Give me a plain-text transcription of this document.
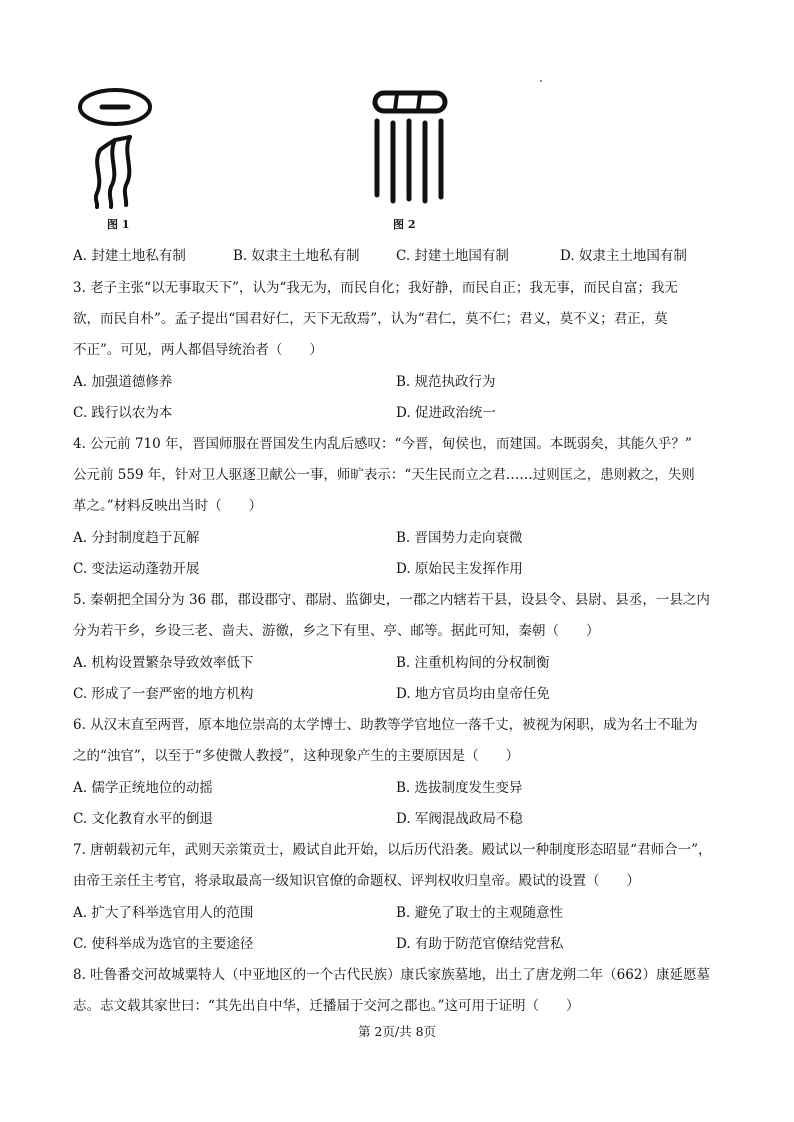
图 1	图 2
A. 封建土地私有制	B. 奴隶主土地私有制	C. 封建土地国有制	D. 奴隶主土地国有制
3. 老子主张“以无事取天下”，认为“我无为，而民自化；我好静，而民自正；我无事，而民自富；我无
欲，而民自朴”。孟子提出“国君好仁，天下无敌焉”，认为“君仁，莫不仁；君义，莫不义；君正，莫
不正”。可见，两人都倡导统治者（　　）
A. 加强道德修养	B. 规范执政行为
C. 践行以农为本	D. 促进政治统一
4. 公元前 710 年，晋国师服在晋国发生内乱后感叹：“今晋，甸侯也，而建国。本既弱矣，其能久乎？”
公元前 559 年，针对卫人驱逐卫献公一事，师旷表示：“天生民而立之君……过则匡之，患则救之，失则
革之。”材料反映出当时（　　）
A. 分封制度趋于瓦解	B. 晋国势力走向衰微
C. 变法运动蓬勃开展	D. 原始民主发挥作用
5. 秦朝把全国分为 36 郡，郡设郡守、郡尉、监御史，一郡之内辖若干县，设县令、县尉、县丞，一县之内
分为若干乡，乡设三老、啬夫、游徼，乡之下有里、亭、邮等。据此可知，秦朝（　　）
A. 机构设置繁杂导致效率低下	B. 注重机构间的分权制衡
C. 形成了一套严密的地方机构	D. 地方官员均由皇帝任免
6. 从汉末直至两晋，原本地位崇高的太学博士、助教等学官地位一落千丈，被视为闲职，成为名士不耻为
之的“浊官”，以至于“多使微人教授”，这种现象产生的主要原因是（　　）
A. 儒学正统地位的动摇	B. 选拔制度发生变异
C. 文化教育水平的倒退	D. 军阀混战政局不稳
7. 唐朝载初元年，武则天亲策贡士，殿试自此开始，以后历代沿袭。殿试以一种制度形态昭显“君师合一”，
由帝王亲任主考官，将录取最高一级知识官僚的命题权、评判权收归皇帝。殿试的设置（　　）
A. 扩大了科举选官用人的范围	B. 避免了取士的主观随意性
C. 使科举成为选官的主要途径	D. 有助于防范官僚结党营私
8. 吐鲁番交河故城粟特人（中亚地区的一个古代民族）康氏家族墓地，出土了唐龙朔二年（662）康延愿墓
志。志文载其家世曰：“其先出自中华，迁播届于交河之郡也。”这可用于证明（　　）
第 2页/共 8页
